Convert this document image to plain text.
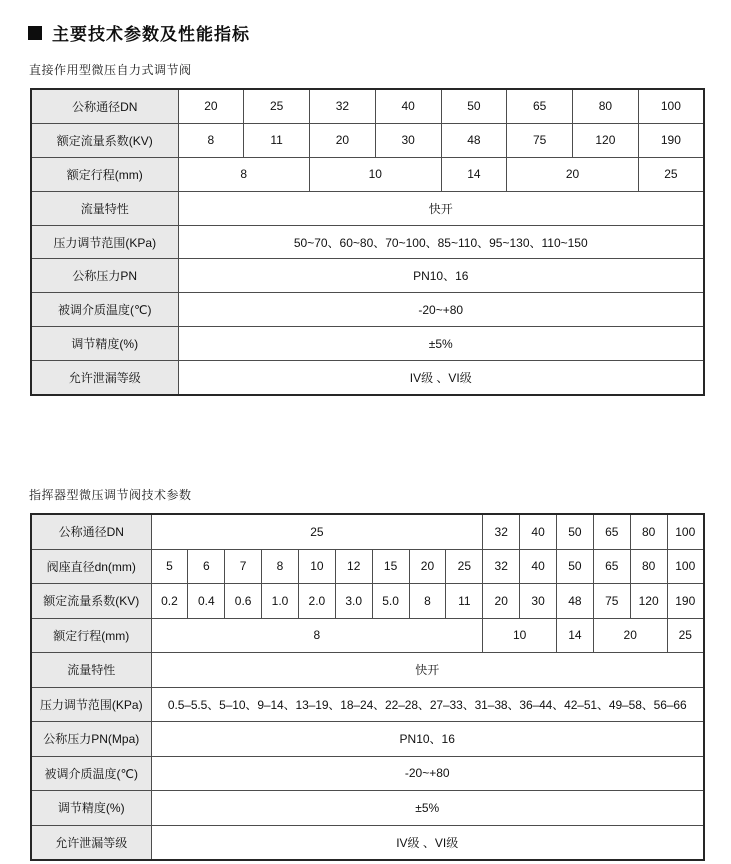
主要技术参数及性能指标
直接作用型微压自力式调节阀
公称通径DN	20	25	32	40	50	65	80	100
额定流量系数(KV)	8	11	20	30	48	75	120	190
额定行程(mm)	8		10		14	20		25
流量特性	快开							
压力调节范围(KPa)	50~70、60~80、70~100、85~110、95~130、110~150							
公称压力PN	PN10、16							
被调介质温度(℃)	-20~+80							
调节精度(%)	±5%							
允许泄漏等级	IV级 、VI级							
指挥器型微压调节阀技术参数
公称通径DN	25									32	40	50	65	80	100
阀座直径dn(mm)	5	6	7	8	10	12	15	20	25	32	40	50	65	80	100
额定流量系数(KV)	0.2	0.4	0.6	1.0	2.0	3.0	5.0	8	11	20	30	48	75	120	190
额定行程(mm)	8									10		14	20		25
流量特性	快开														
压力调节范围(KPa)	0.5–5.5、5–10、9–14、13–19、18–24、22–28、27–33、31–38、36–44、42–51、49–58、56–66														
公称压力PN(Mpa)	PN10、16														
被调介质温度(℃)	-20~+80														
调节精度(%)	±5%														
允许泄漏等级	IV级 、VI级														
